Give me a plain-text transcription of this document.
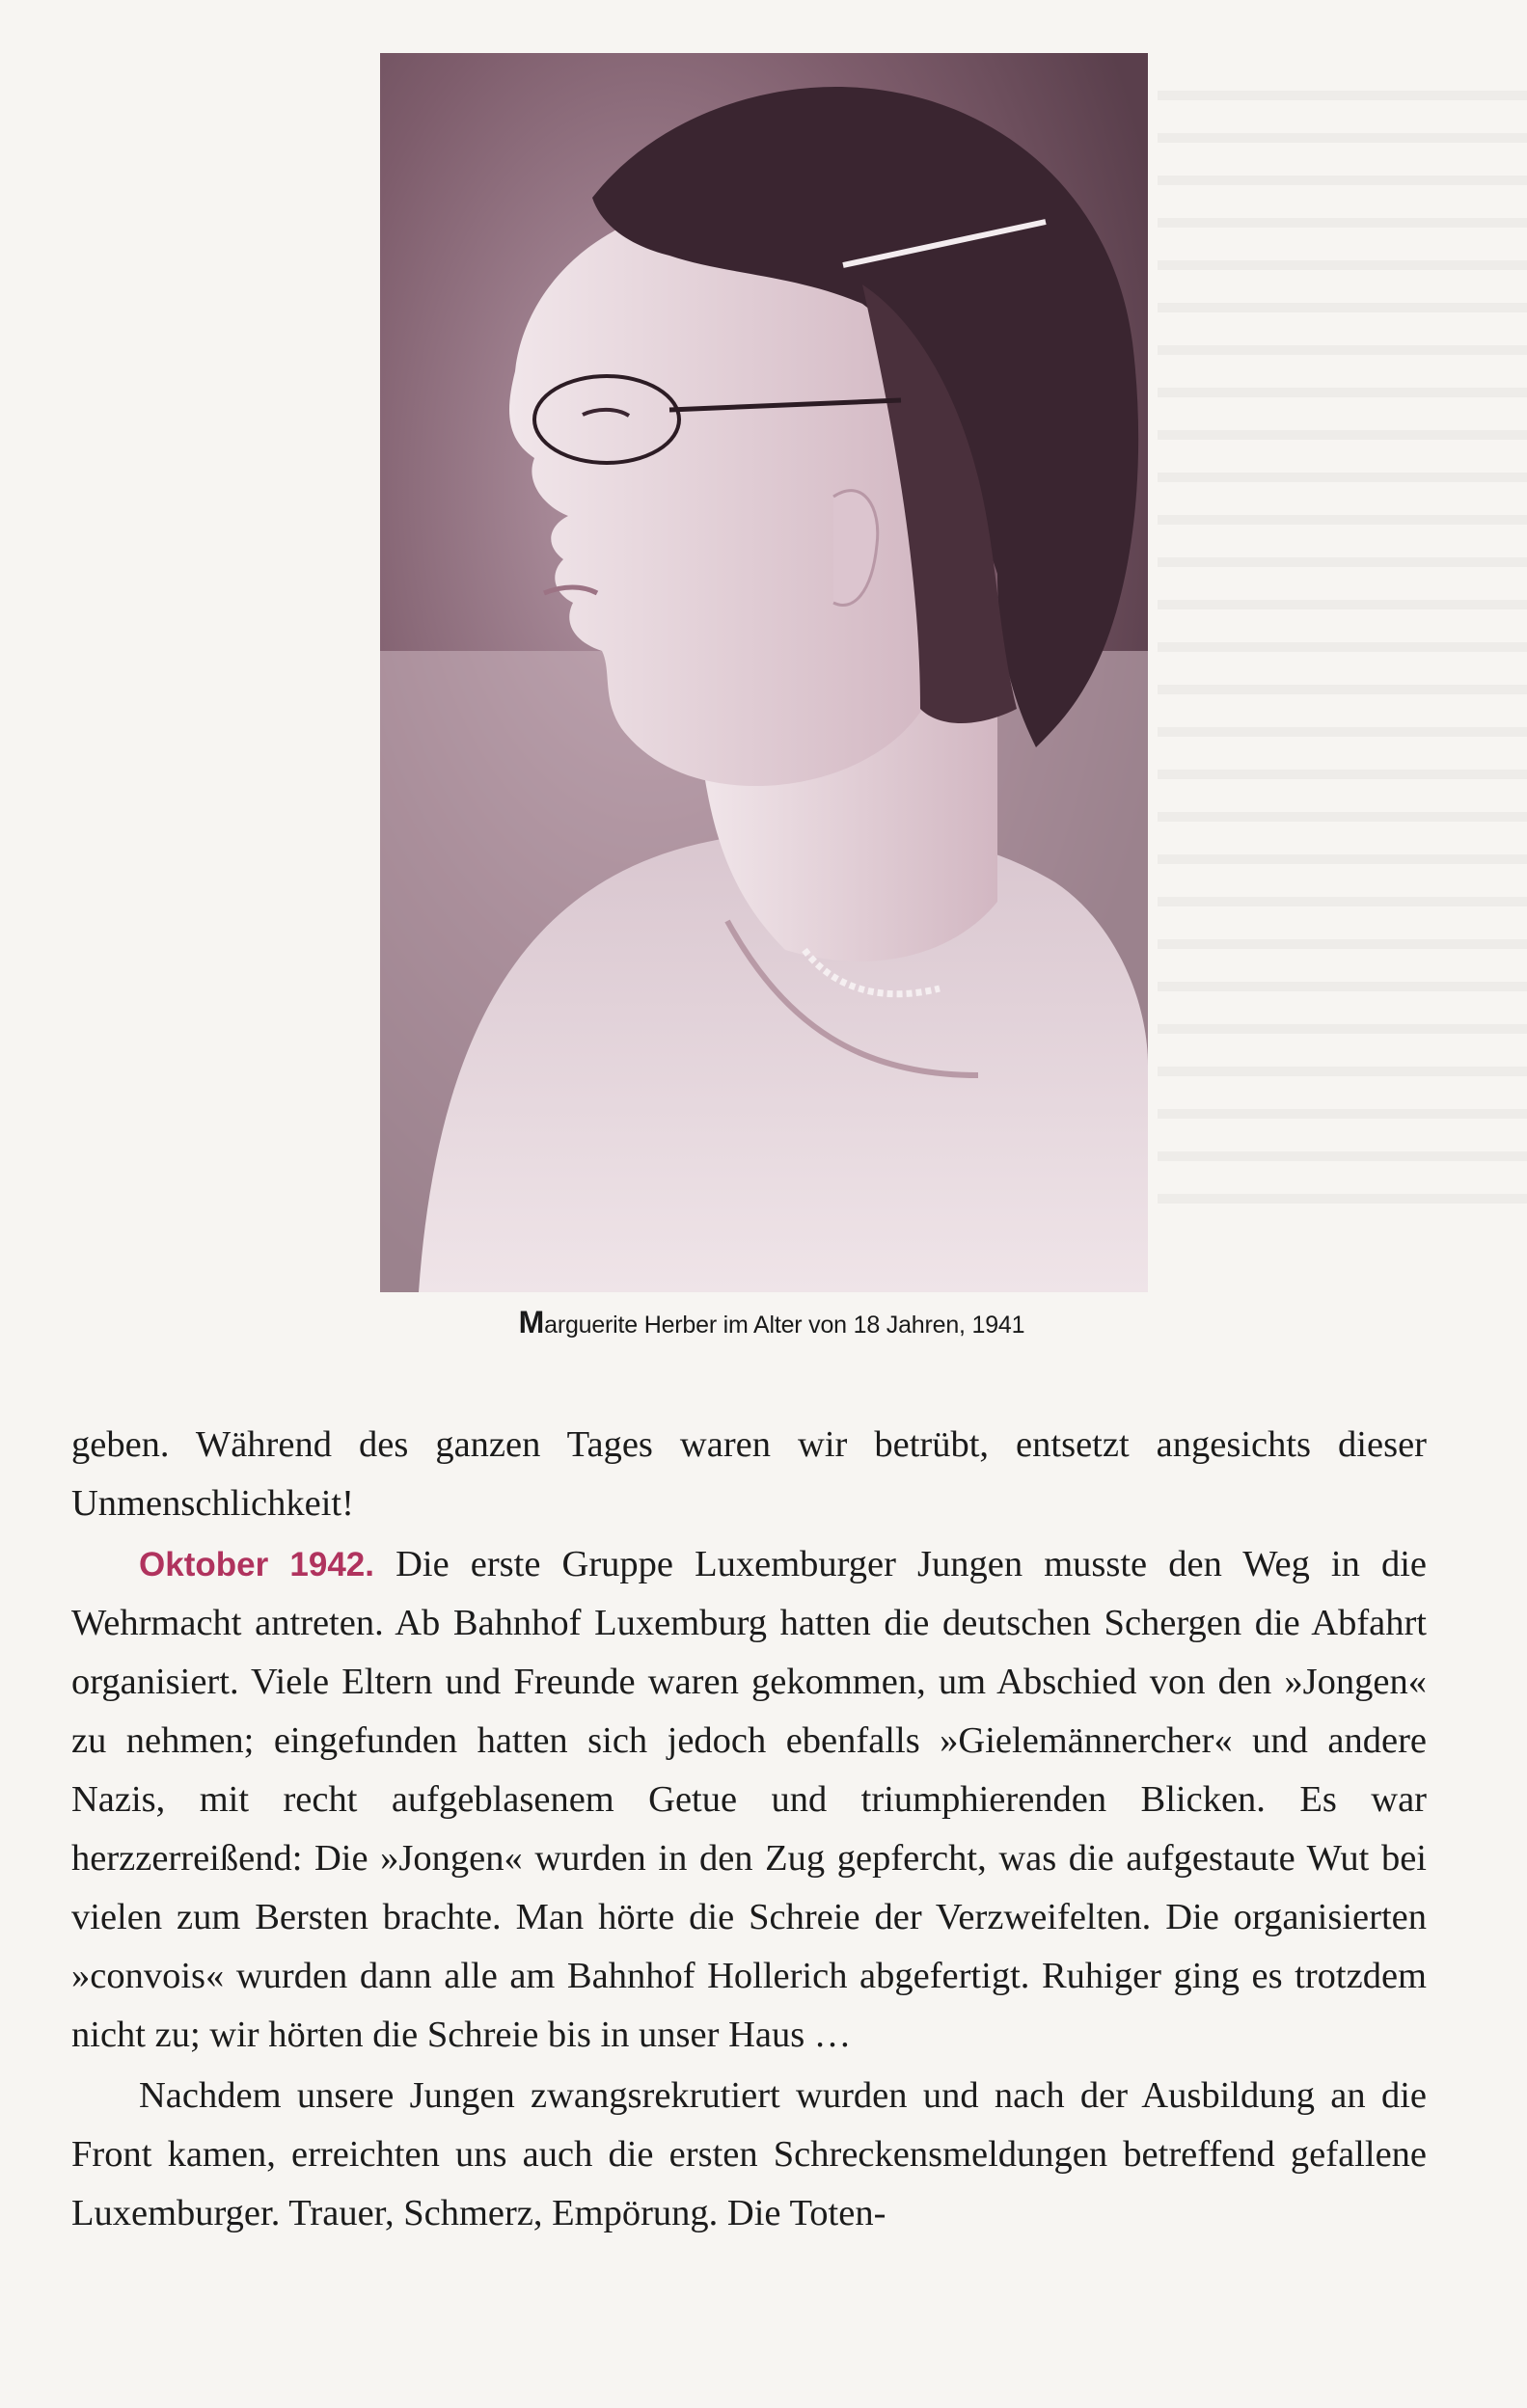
Marguerite Herber im Alter von 18 Jahren, 1941

geben. Während des ganzen Tages waren wir betrübt, entsetzt angesichts dieser Unmenschlichkeit!

Oktober 1942. Die erste Gruppe Luxemburger Jungen musste den Weg in die Wehrmacht antreten. Ab Bahnhof Luxemburg hatten die deutschen Schergen die Abfahrt organisiert. Viele Eltern und Freunde waren gekommen, um Abschied von den »Jongen« zu nehmen; eingefunden hatten sich jedoch ebenfalls »Gielemännercher« und andere Nazis, mit recht aufgeblasenem Getue und triumphierenden Blicken. Es war herzzerreißend: Die »Jongen« wurden in den Zug gepfercht, was die aufgestaute Wut bei vielen zum Bersten brachte. Man hörte die Schreie der Verzweifelten. Die organisierten »convois« wurden dann alle am Bahnhof Hollerich abgefertigt. Ruhiger ging es trotzdem nicht zu; wir hörten die Schreie bis in unser Haus …

Nachdem unsere Jungen zwangsrekrutiert wurden und nach der Ausbildung an die Front kamen, erreichten uns auch die ersten Schreckensmeldungen betreffend gefallene Luxemburger. Trauer, Schmerz, Empörung. Die Toten-
